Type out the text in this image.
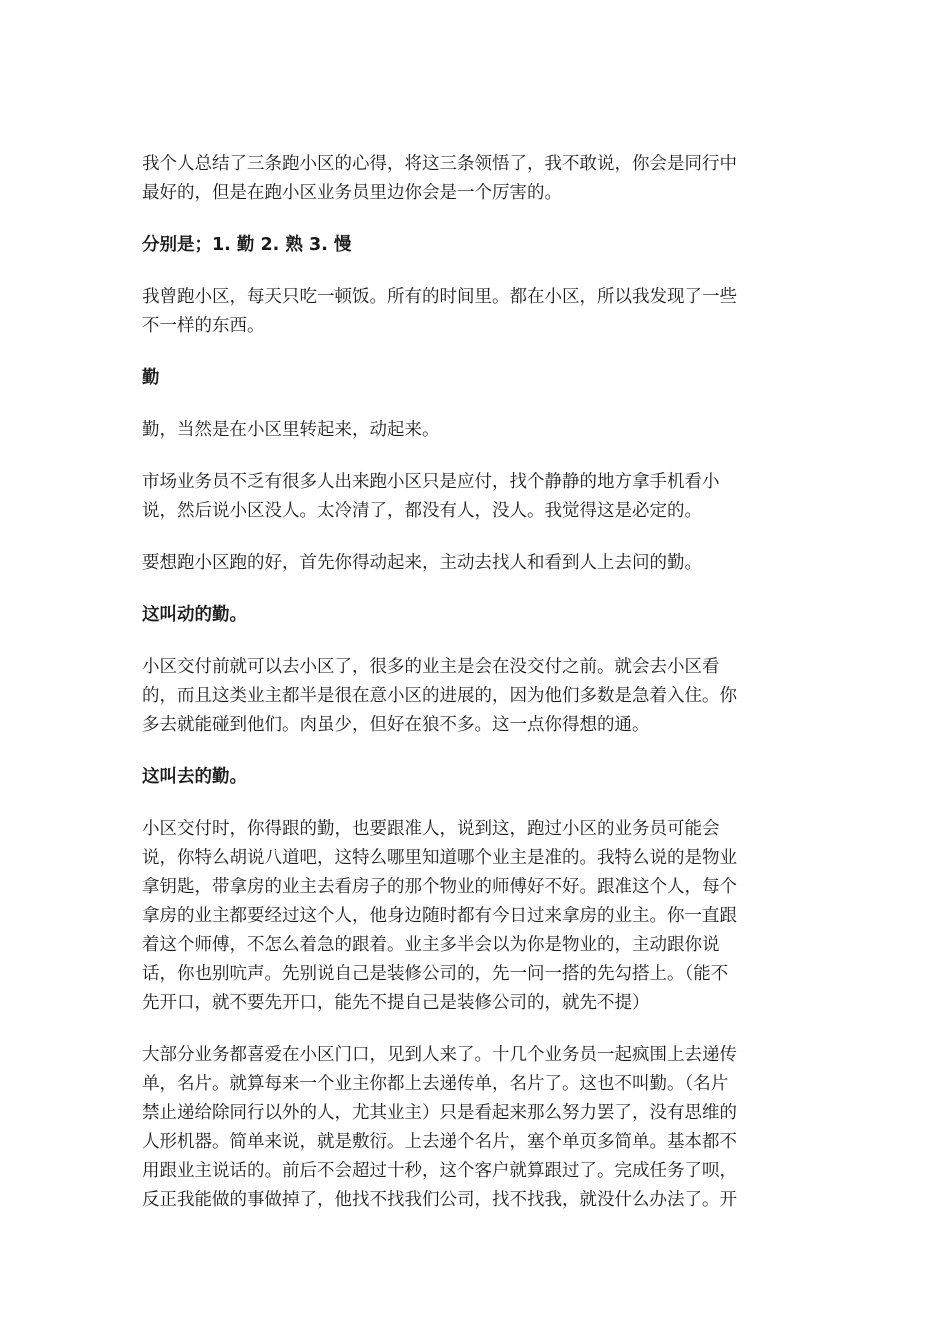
我个人总结了三条跑小区的心得，将这三条领悟了，我不敢说，你会是同行中
最好的，但是在跑小区业务员里边你会是一个厉害的。
分别是；1. 勤 2. 熟 3. 慢
我曾跑小区，每天只吃一顿饭。所有的时间里。都在小区，所以我发现了一些
不一样的东西。
勤
勤，当然是在小区里转起来，动起来。
市场业务员不乏有很多人出来跑小区只是应付，找个静静的地方拿手机看小
说，然后说小区没人。太冷清了，都没有人，没人。我觉得这是必定的。
要想跑小区跑的好，首先你得动起来，主动去找人和看到人上去问的勤。
这叫动的勤。
小区交付前就可以去小区了，很多的业主是会在没交付之前。就会去小区看
的，而且这类业主都半是很在意小区的进展的，因为他们多数是急着入住。你
多去就能碰到他们。肉虽少，但好在狼不多。这一点你得想的通。
这叫去的勤。
小区交付时，你得跟的勤，也要跟准人，说到这，跑过小区的业务员可能会
说，你特么胡说八道吧，这特么哪里知道哪个业主是准的。我特么说的是物业
拿钥匙，带拿房的业主去看房子的那个物业的师傅好不好。跟准这个人，每个
拿房的业主都要经过这个人，他身边随时都有今日过来拿房的业主。你一直跟
着这个师傅，不怎么着急的跟着。业主多半会以为你是物业的，主动跟你说
话，你也别吭声。先别说自己是装修公司的，先一问一搭的先勾搭上。（能不
先开口，就不要先开口，能先不提自己是装修公司的，就先不提）
大部分业务都喜爱在小区门口，见到人来了。十几个业务员一起疯围上去递传
单，名片。就算每来一个业主你都上去递传单，名片了。这也不叫勤。（名片
禁止递给除同行以外的人，尤其业主）只是看起来那么努力罢了，没有思维的
人形机器。简单来说，就是敷衍。上去递个名片，塞个单页多简单。基本都不
用跟业主说话的。前后不会超过十秒，这个客户就算跟过了。完成任务了呗，
反正我能做的事做掉了，他找不找我们公司，找不找我，就没什么办法了。开
